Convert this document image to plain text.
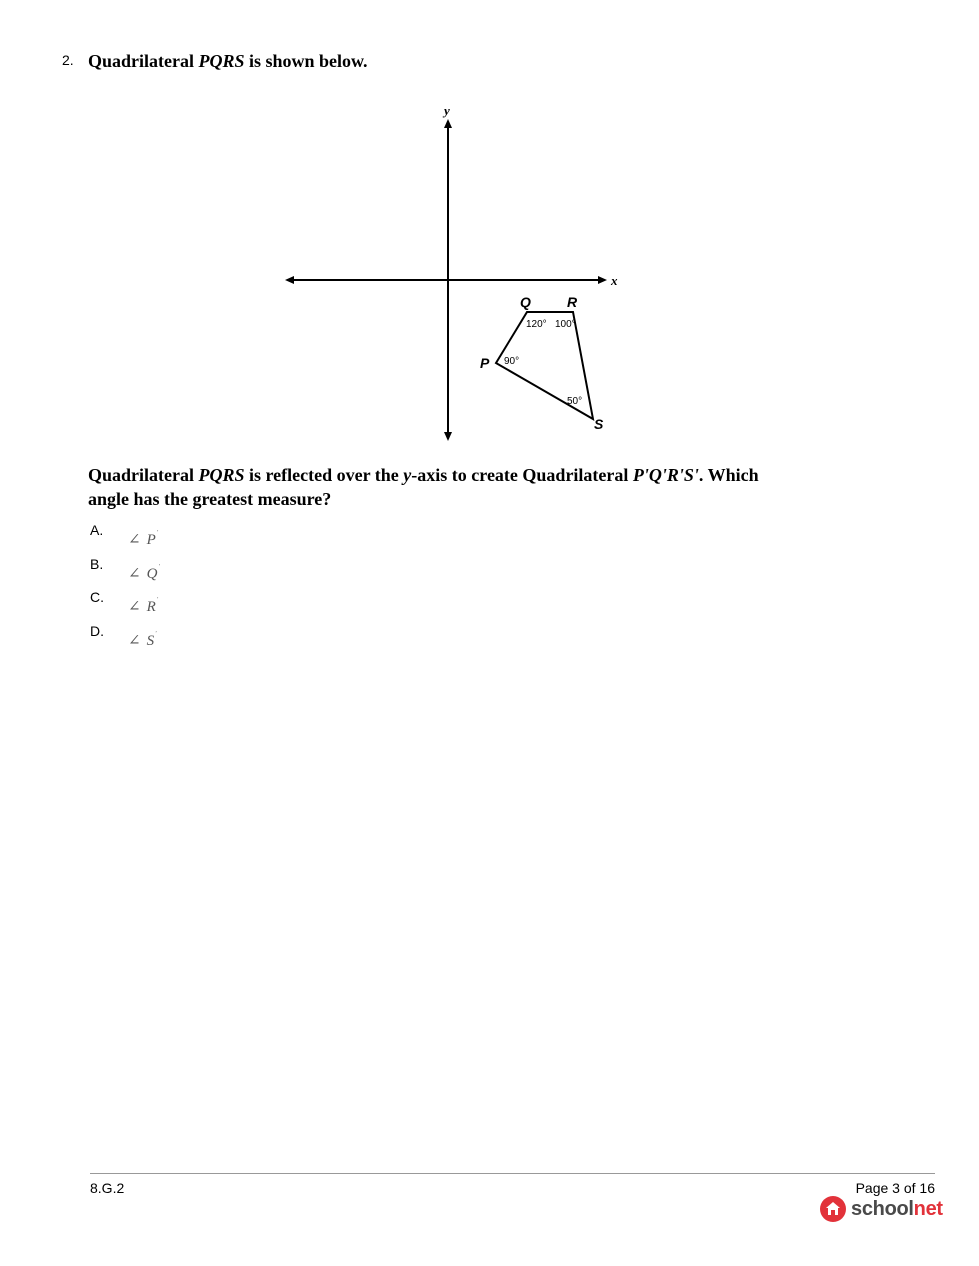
2. Quadrilateral PQRS is shown below.
x
y
Q	R
P
S
120° 100°
90°
50°
Quadrilateral PQRS is reflected over the y-axis to create Quadrilateral P'Q'R'S'. Which
angle has the greatest measure?
A.
∠ P'
B.
∠ Q'
C.
∠ R'
D.
∠ S'
8.G.2	Page 3 of 16
schoolnet
